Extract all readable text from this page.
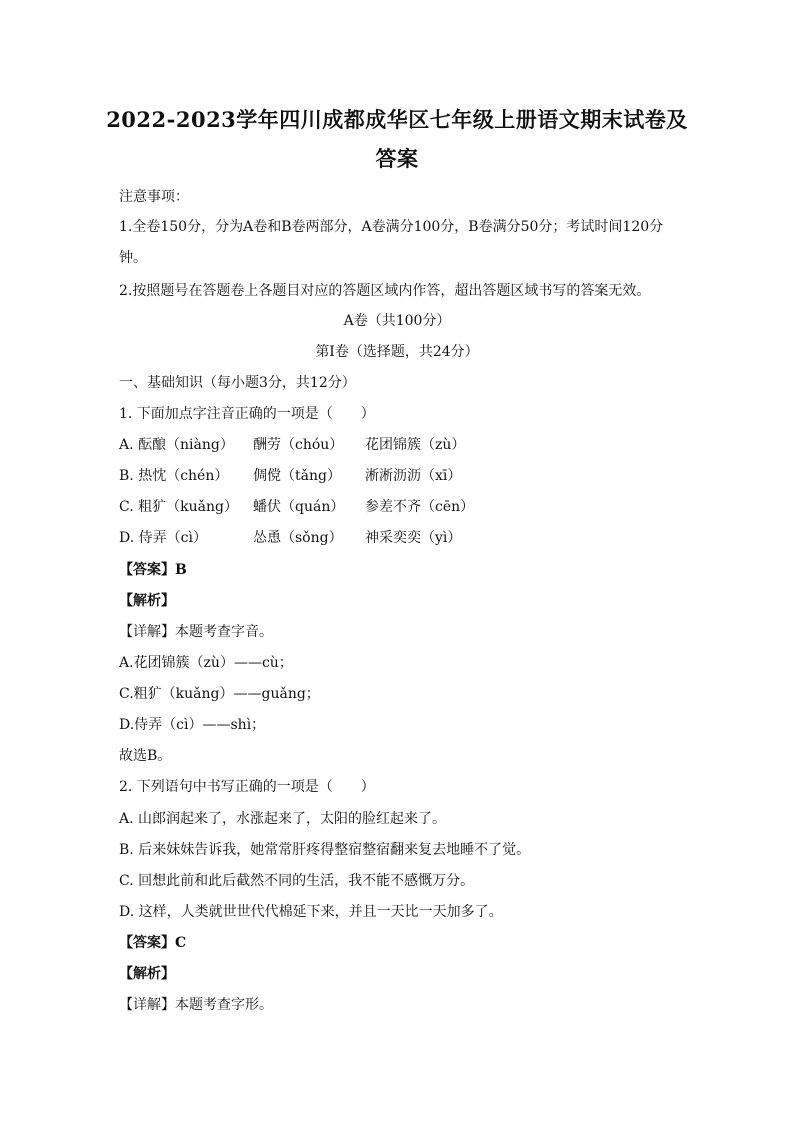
2022-2023学年四川成都成华区七年级上册语文期末试卷及
答案
注意事项：
1.全卷150分，分为A卷和B卷两部分，A卷满分100分，B卷满分50分；考试时间120分
钟。
2.按照题号在答题卷上各题目对应的答题区域内作答，超出答题区域书写的答案无效。
A卷（共100分）
第Ⅰ卷（选择题，共24分）
一、基础知识（每小题3分，共12分）
1. 下面加点字注音正确的一项是（　　）
A. 酝酿（niàng） 酬劳（chóu） 花团锦簇（zù）
B. 热忱（chén） 倜傥（tǎng） 淅淅沥沥（xī）
C. 粗犷（kuǎng） 蟠伏（quán） 参差不齐（cēn）
D. 侍弄（cì）	怂恿（sǒng） 神采奕奕（yì）
【答案】B
【解析】
【详解】本题考查字音。
A.花团锦簇（zù）——cù；
C.粗犷（kuǎng）——guǎng；
D.侍弄（cì）——shì；
故选B。
2. 下列语句中书写正确的一项是（　　）
A. 山郎润起来了，水涨起来了，太阳的脸红起来了。
B. 后来妹妹告诉我，她常常肝疼得整宿整宿翻来复去地睡不了觉。
C. 回想此前和此后截然不同的生活，我不能不感慨万分。
D. 这样，人类就世世代代棉延下来，并且一天比一天加多了。
【答案】C
【解析】
【详解】本题考查字形。
